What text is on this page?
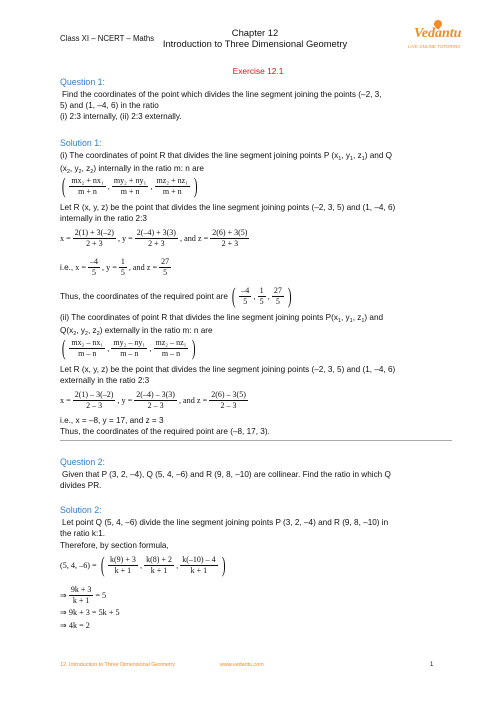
Class XI – NCERT – Maths
Chapter 12
Introduction to Three Dimensional Geometry
Vedantu
LIVE ONLINE TUTORING
Exercise 12.1
Question 1:
Find the coordinates of the point which divides the line segment joining the points (–2, 3,
5) and (1, –4, 6) in the ratio
(i) 2:3 internally, (ii) 2:3 externally.
Solution 1:
(i) The coordinates of point R that divides the line segment joining points P ($x_1$, $y_1$, $z_1$) and Q
($x_2$, $y_2$, $z_2$) internally in the ratio m: n are
( $\frac{\text{mx₂ + nx₁}}{m + n}$ , $\frac{\text{my₂ + ny₁}}{m + n}$ , $\frac{\text{mz₂ + nz₁}}{m + n}$ )
Let R (x, y, z) be the point that divides the line segment joining points (–2, 3, 5) and (1, –4, 6)
internally in the ratio 2:3
$x = \frac{2(1) + 3(-2)}{2 + 3}$ , $y = \frac{2(-4) + 3(3)}{2 + 3}$ , and $z = \frac{2(6) + 3(5)}{2 + 3}$
i.e., $x = \frac{-4}{5}$ , $y = \frac{1}{5}$ , and $z = \frac{27}{5}$
Thus, the coordinates of the required point are ( $\frac{-4}{5}$ , $\frac{1}{5}$ , $\frac{27}{5}$ )
(ii) The coordinates of point R that divides the line segment joining points $P(x_1$, $y_1$, $z_1$) and
$Q(x_2$, $y_2$, $z_2$) externally in the ratio m: n are
( $\frac{\text{mx₂ – nx₁}}{m - n}$ , $\frac{\text{my₂ – ny₁}}{m - n}$ , $\frac{\text{mz₂ – nz₁}}{m - n}$ )
Let R (x, y, z) be the point that divides the line segment joining points (–2, 3, 5) and (1, –4, 6)
externally in the ratio 2:3
$x = \frac{2(1) - 3(-2)}{2 - 3}$ , $y = \frac{2(-4) - 3(3)}{2 - 3}$ , and $z = \frac{2(6) - 3(5)}{2 - 3}$
i.e., x = –8, y = 17, and z = 3
Thus, the coordinates of the required point are (–8, 17, 3).
Question 2:
Given that P (3, 2, –4), Q (5, 4, –6) and R (9, 8, –10) are collinear. Find the ratio in which Q
divides PR.
Solution 2:
Let point Q (5, 4, –6) divide the line segment joining points P (3, 2, –4) and R (9, 8, –10) in
the ratio k:1.
Therefore, by section formula,
(5, 4, –6) = ( $\frac{k(9) + 3}{k + 1}$ , $\frac{k(8) + 2}{k + 1}$ , $\frac{k(-10) - 4}{k + 1}$ )
⇒ $\frac{9k + 3}{k + 1} = 5$
⇒ 9k + 3 = 5k + 5
⇒ 4k = 2
12. Introduction to Three Dimensional Geometry	www.vedantu.com	1
